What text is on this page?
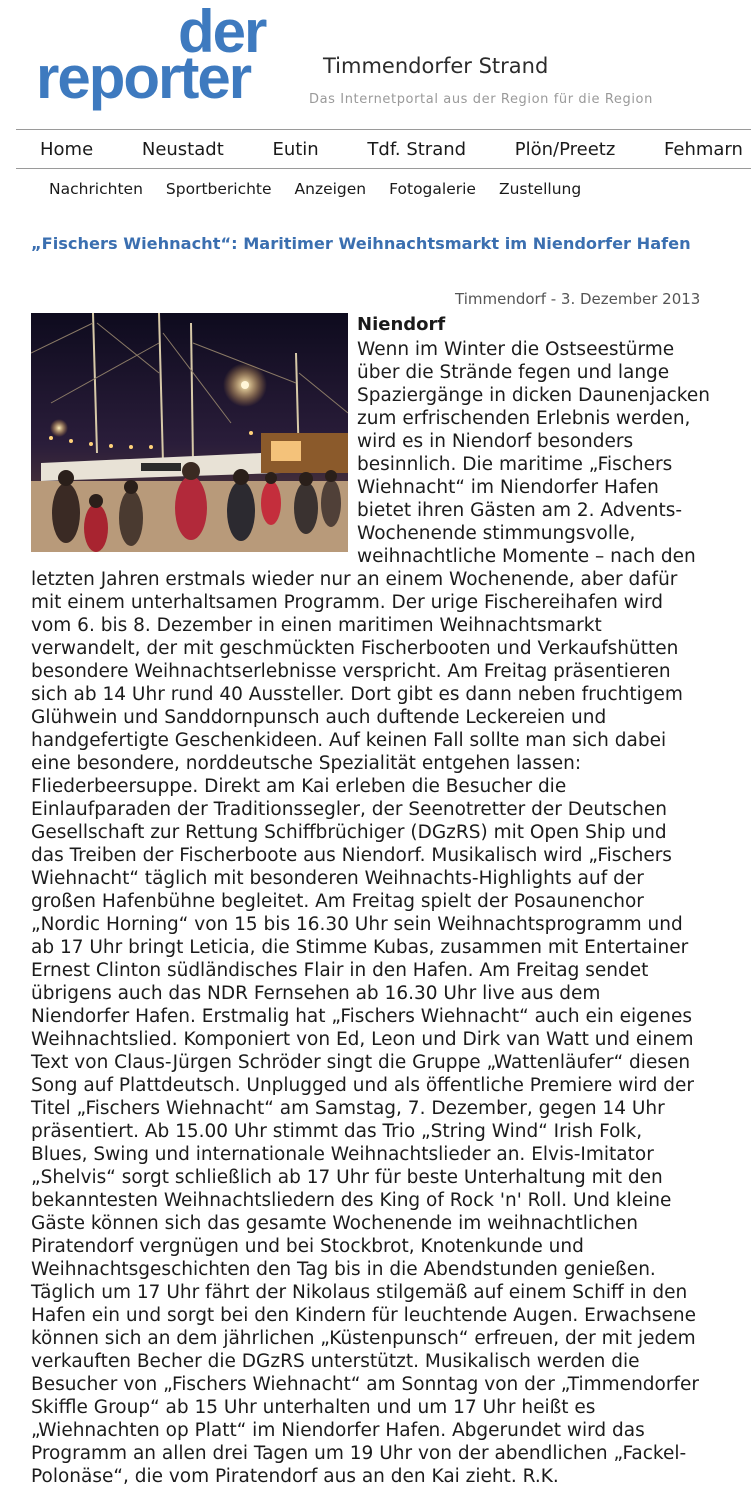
der
reporter	Timmendorfer Strand
Das Internetportal aus der Region für die Region
Home	Neustadt	Eutin	Tdf. Strand	Plön/Preetz	Fehmarn
Nachrichten Sportberichte Anzeigen Fotogalerie Zustellung
„Fischers Wiehnacht“: Maritimer Weihnachtsmarkt im Niendorfer Hafen
Timmendorf - 3. Dezember 2013
Niendorf
Wenn im Winter die Ostseestürme
über die Strände fegen und lange
Spaziergänge in dicken Daunenjacken
zum erfrischenden Erlebnis werden,
wird es in Niendorf besonders
besinnlich. Die maritime „Fischers
Wiehnacht“ im Niendorfer Hafen
bietet ihren Gästen am 2. Advents-
Wochenende stimmungsvolle,
weihnachtliche Momente – nach den
letzten Jahren erstmals wieder nur an einem Wochenende, aber dafür
mit einem unterhaltsamen Programm. Der urige Fischereihafen wird
vom 6. bis 8. Dezember in einen maritimen Weihnachtsmarkt
verwandelt, der mit geschmückten Fischerbooten und Verkaufshütten
besondere Weihnachtserlebnisse verspricht. Am Freitag präsentieren
sich ab 14 Uhr rund 40 Aussteller. Dort gibt es dann neben fruchtigem
Glühwein und Sanddornpunsch auch duftende Leckereien und
handgefertigte Geschenkideen. Auf keinen Fall sollte man sich dabei
eine besondere, norddeutsche Spezialität entgehen lassen:
Fliederbeersuppe. Direkt am Kai erleben die Besucher die
Einlaufparaden der Traditionssegler, der Seenotretter der Deutschen
Gesellschaft zur Rettung Schiffbrüchiger (DGzRS) mit Open Ship und
das Treiben der Fischerboote aus Niendorf. Musikalisch wird „Fischers
Wiehnacht“ täglich mit besonderen Weihnachts-Highlights auf der
großen Hafenbühne begleitet. Am Freitag spielt der Posaunenchor
„Nordic Horning“ von 15 bis 16.30 Uhr sein Weihnachtsprogramm und
ab 17 Uhr bringt Leticia, die Stimme Kubas, zusammen mit Entertainer
Ernest Clinton südländisches Flair in den Hafen. Am Freitag sendet
übrigens auch das NDR Fernsehen ab 16.30 Uhr live aus dem
Niendorfer Hafen. Erstmalig hat „Fischers Wiehnacht“ auch ein eigenes
Weihnachtslied. Komponiert von Ed, Leon und Dirk van Watt und einem
Text von Claus-Jürgen Schröder singt die Gruppe „Wattenläufer“ diesen
Song auf Plattdeutsch. Unplugged und als öffentliche Premiere wird der
Titel „Fischers Wiehnacht“ am Samstag, 7. Dezember, gegen 14 Uhr
präsentiert. Ab 15.00 Uhr stimmt das Trio „String Wind“ Irish Folk,
Blues, Swing und internationale Weihnachtslieder an. Elvis-Imitator
„Shelvis“ sorgt schließlich ab 17 Uhr für beste Unterhaltung mit den
bekanntesten Weihnachtsliedern des King of Rock 'n' Roll. Und kleine
Gäste können sich das gesamte Wochenende im weihnachtlichen
Piratendorf vergnügen und bei Stockbrot, Knotenkunde und
Weihnachtsgeschichten den Tag bis in die Abendstunden genießen.
Täglich um 17 Uhr fährt der Nikolaus stilgemäß auf einem Schiff in den
Hafen ein und sorgt bei den Kindern für leuchtende Augen. Erwachsene
können sich an dem jährlichen „Küstenpunsch“ erfreuen, der mit jedem
verkauften Becher die DGzRS unterstützt. Musikalisch werden die
Besucher von „Fischers Wiehnacht“ am Sonntag von der „Timmendorfer
Skiffle Group“ ab 15 Uhr unterhalten und um 17 Uhr heißt es
„Wiehnachten op Platt“ im Niendorfer Hafen. Abgerundet wird das
Programm an allen drei Tagen um 19 Uhr von der abendlichen „Fackel-
Polonäse“, die vom Piratendorf aus an den Kai zieht. R.K.
